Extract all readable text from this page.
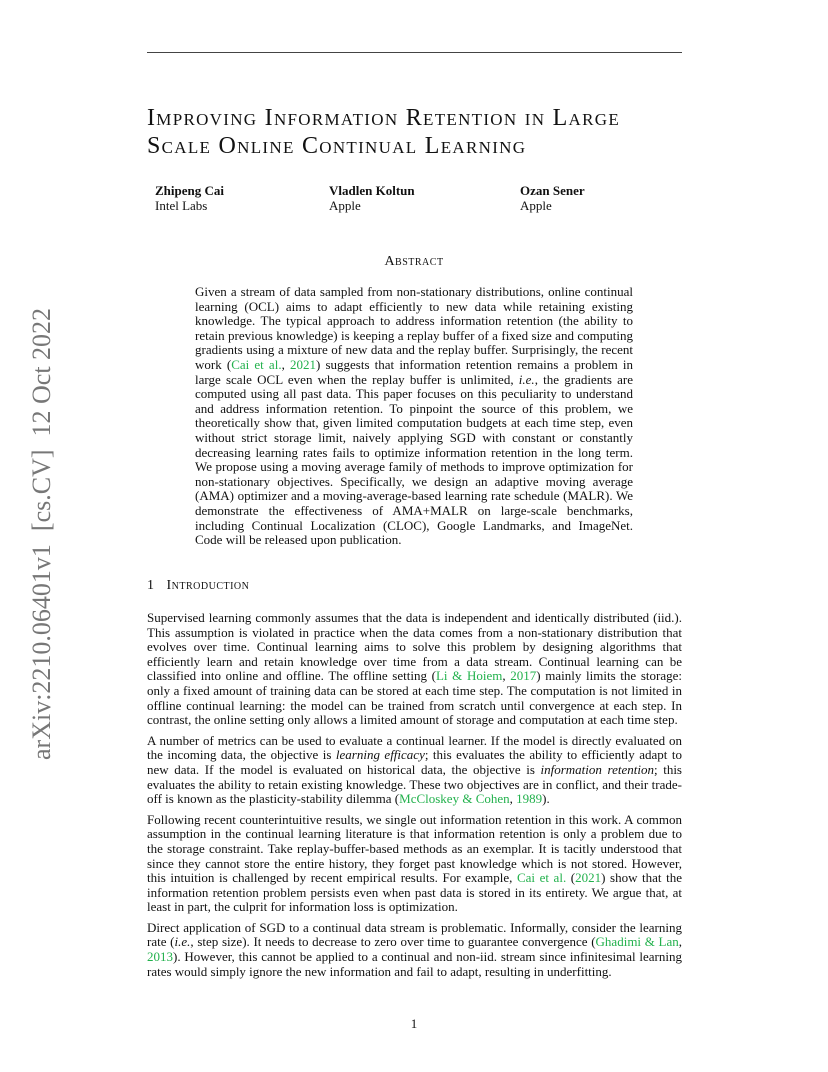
arXiv:2210.06401v1  [cs.CV]  12 Oct 2022
Improving Information Retention in Large
Scale Online Continual Learning
Zhipeng Cai
Intel Labs
Vladlen Koltun
Apple
Ozan Sener
Apple
Abstract

Given a stream of data sampled from non-stationary distributions, online continual learning (OCL) aims to adapt efficiently to new data while retaining existing knowledge. The typical approach to address information retention (the ability to retain previous knowledge) is keeping a replay buffer of a fixed size and computing gradients using a mixture of new data and the replay buffer. Surprisingly, the recent work (Cai et al., 2021) suggests that information retention remains a problem in large scale OCL even when the replay buffer is unlimited, i.e., the gradients are computed using all past data. This paper focuses on this peculiarity to understand and address information retention. To pinpoint the source of this problem, we theoretically show that, given limited computation budgets at each time step, even without strict storage limit, naively applying SGD with constant or constantly decreasing learning rates fails to optimize information retention in the long term. We propose using a moving average family of methods to improve optimization for non-stationary objectives. Specifically, we design an adaptive moving average (AMA) optimizer and a moving-average-based learning rate schedule (MALR). We demonstrate the effectiveness of AMA+MALR on large-scale benchmarks, including Continual Localization (CLOC), Google Landmarks, and ImageNet. Code will be released upon publication.

1 Introduction

Supervised learning commonly assumes that the data is independent and identically distributed (iid.). This assumption is violated in practice when the data comes from a non-stationary distribution that evolves over time. Continual learning aims to solve this problem by designing algorithms that efficiently learn and retain knowledge over time from a data stream. Continual learning can be classified into online and offline. The offline setting (Li & Hoiem, 2017) mainly limits the storage: only a fixed amount of training data can be stored at each time step. The computation is not limited in offline continual learning: the model can be trained from scratch until convergence at each step. In contrast, the online setting only allows a limited amount of storage and computation at each time step.

A number of metrics can be used to evaluate a continual learner. If the model is directly evaluated on the incoming data, the objective is learning efficacy; this evaluates the ability to efficiently adapt to new data. If the model is evaluated on historical data, the objective is information retention; this evaluates the ability to retain existing knowledge. These two objectives are in conflict, and their trade-off is known as the plasticity-stability dilemma (McCloskey & Cohen, 1989).

Following recent counterintuitive results, we single out information retention in this work. A common assumption in the continual learning literature is that information retention is only a problem due to the storage constraint. Take replay-buffer-based methods as an exemplar. It is tacitly understood that since they cannot store the entire history, they forget past knowledge which is not stored. However, this intuition is challenged by recent empirical results. For example, Cai et al. (2021) show that the information retention problem persists even when past data is stored in its entirety. We argue that, at least in part, the culprit for information loss is optimization.

Direct application of SGD to a continual data stream is problematic. Informally, consider the learning rate (i.e., step size). It needs to decrease to zero over time to guarantee convergence (Ghadimi & Lan, 2013). However, this cannot be applied to a continual and non-iid. stream since infinitesimal learning rates would simply ignore the new information and fail to adapt, resulting in underfitting.

1
